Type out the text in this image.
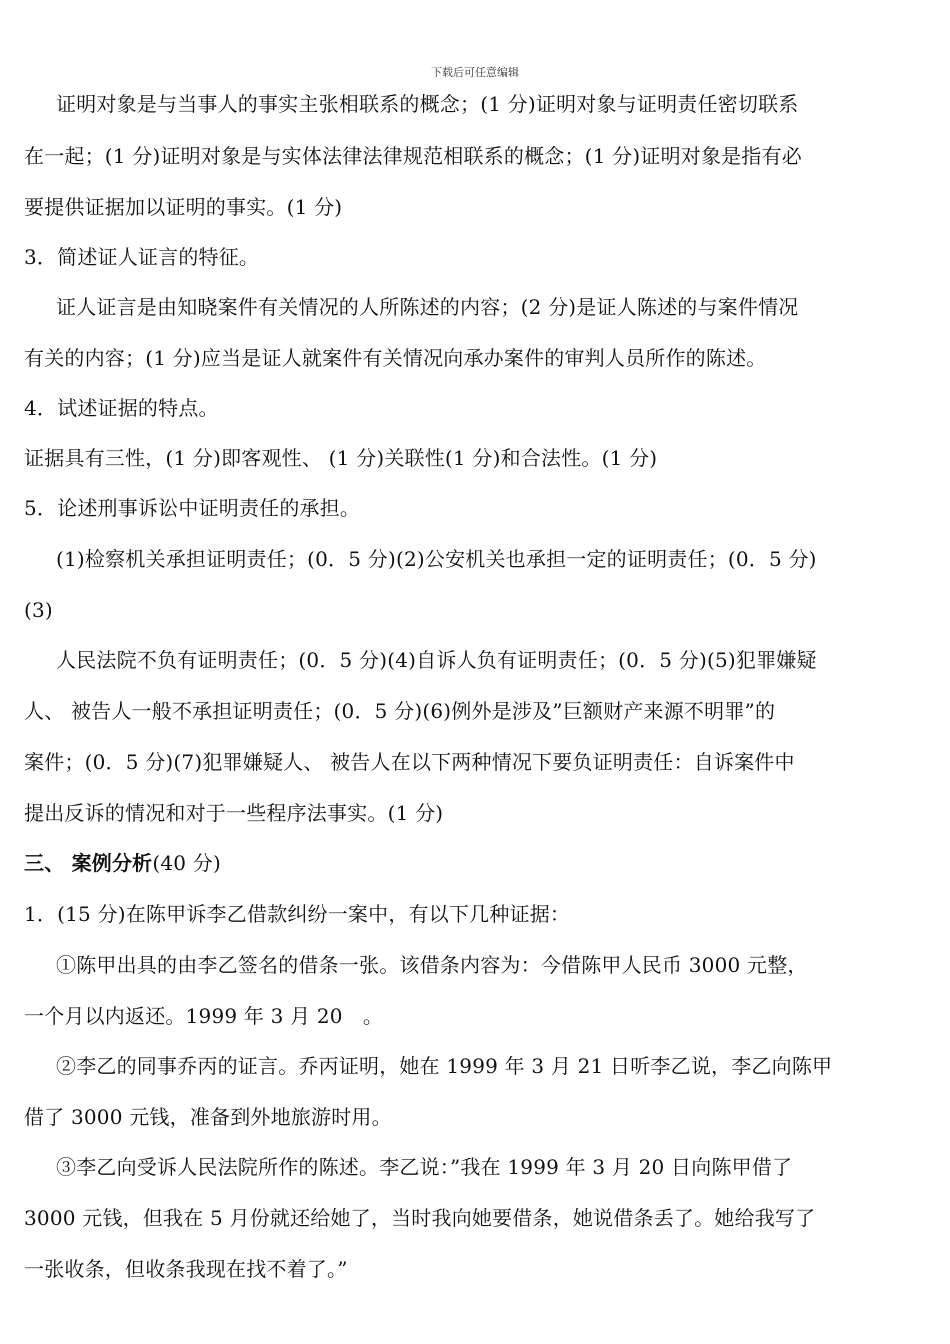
下载后可任意编辑
证明对象是与当事人的事实主张相联系的概念；(1 分)证明对象与证明责任密切联系
在一起；(1 分)证明对象是与实体法律法律规范相联系的概念；(1 分)证明对象是指有必
要提供证据加以证明的事实。(1 分)
3．简述证人证言的特征。
证人证言是由知晓案件有关情况的人所陈述的内容；(2 分)是证人陈述的与案件情况
有关的内容；(1 分)应当是证人就案件有关情况向承办案件的审判人员所作的陈述。
4．试述证据的特点。
证据具有三性，(1 分)即客观性、 (1 分)关联性(1 分)和合法性。(1 分)
5．论述刑事诉讼中证明责任的承担。
(1)检察机关承担证明责任；(0．5 分)(2)公安机关也承担一定的证明责任；(0．5 分)
(3)
人民法院不负有证明责任；(0．5 分)(4)自诉人负有证明责任；(0．5 分)(5)犯罪嫌疑
人、 被告人一般不承担证明责任；(0．5 分)(6)例外是涉及”巨额财产来源不明罪”的
案件；(0．5 分)(7)犯罪嫌疑人、 被告人在以下两种情况下要负证明责任：自诉案件中
提出反诉的情况和对于一些程序法事实。(1 分)
三、 案例分析(40 分)
1．(15 分)在陈甲诉李乙借款纠纷一案中，有以下几种证据：
①陈甲出具的由李乙签名的借条一张。该借条内容为：今借陈甲人民币 3000 元整，
一个月以内返还。1999 年 3 月 20　。
②李乙的同事乔丙的证言。乔丙证明，她在 1999 年 3 月 21 日听李乙说，李乙向陈甲
借了 3000 元钱，准备到外地旅游时用。
③李乙向受诉人民法院所作的陈述。李乙说：”我在 1999 年 3 月 20 日向陈甲借了
3000 元钱，但我在 5 月份就还给她了，当时我向她要借条，她说借条丢了。她给我写了
一张收条，但收条我现在找不着了。”
